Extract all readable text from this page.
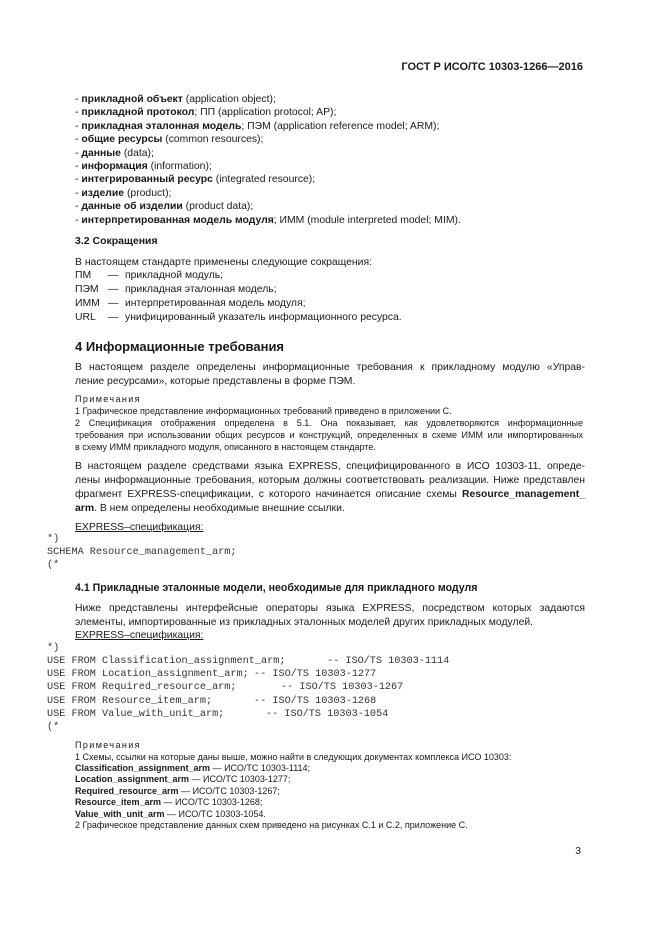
ГОСТ Р ИСО/ТС 10303-1266—2016
- прикладной объект (application object);
- прикладной протокол; ПП (application protocol; AP);
- прикладная эталонная модель; ПЭМ (application reference model; ARM);
- общие ресурсы (common resources);
- данные (data);
- информация (information);
- интегрированный ресурс (integrated resource);
- изделие (product);
- данные об изделии (product data);
- интерпретированная модель модуля; ИММ (module interpreted model; MIM).
3.2 Сокращения
В настоящем стандарте применены следующие сокращения:
ПМ — прикладной модуль;
ПЭМ — прикладная эталонная модель;
ИММ — интерпретированная модель модуля;
URL — унифицированный указатель информационного ресурса.
4 Информационные требования
В настоящем разделе определены информационные требования к прикладному модулю «Управ-
ление ресурсами», которые представлены в форме ПЭМ.
Примечания
1 Графическое представление информационных требований приведено в приложении С.
2 Спецификация отображения определена в 5.1. Она показывает, как удовлетворяются информационные
требования при использовании общих ресурсов и конструкций, определенных в схеме ИММ или импортированных
в схему ИММ прикладного модуля, описанного в настоящем стандарте.
В настоящем разделе средствами языка EXPRESS, специфицированного в ИСО 10303-11, опреде-
лены информационные требования, которым должны соответствовать реализации. Ниже представлен
фрагмент EXPRESS-спецификации, с которого начинается описание схемы Resource_management_
arm. В нем определены необходимые внешние ссылки.
EXPRESS–спецификация:
*)
SCHEMA Resource_management_arm;
(*
4.1 Прикладные эталонные модели, необходимые для прикладного модуля
Ниже представлены интерфейсные операторы языка EXPRESS, посредством которых задаются
элементы, импортированные из прикладных эталонных моделей других прикладных модулей.
EXPRESS–спецификация:
*)
USE FROM Classification_assignment_arm;	-- ISO/TS 10303-1114
USE FROM Location_assignment_arm; -- ISO/TS 10303-1277
USE FROM Required_resource_arm;	-- ISO/TS 10303-1267
USE FROM Resource_item_arm;	-- ISO/TS 10303-1268
USE FROM Value_with_unit_arm;	-- ISO/TS 10303-1054
(*
Примечания
1 Схемы, ссылки на которые даны выше, можно найти в следующих документах комплекса ИСО 10303:
Classification_assignment_arm — ИСО/ТС 10303-1114;
Location_assignment_arm — ИСО/ТС 10303-1277;
Required_resource_arm — ИСО/ТС 10303-1267;
Resource_item_arm — ИСО/ТС 10303-1268;
Value_with_unit_arm — ИСО/ТС 10303-1054.
2 Графическое представление данных схем приведено на рисунках C.1 и C.2, приложение С.
3
